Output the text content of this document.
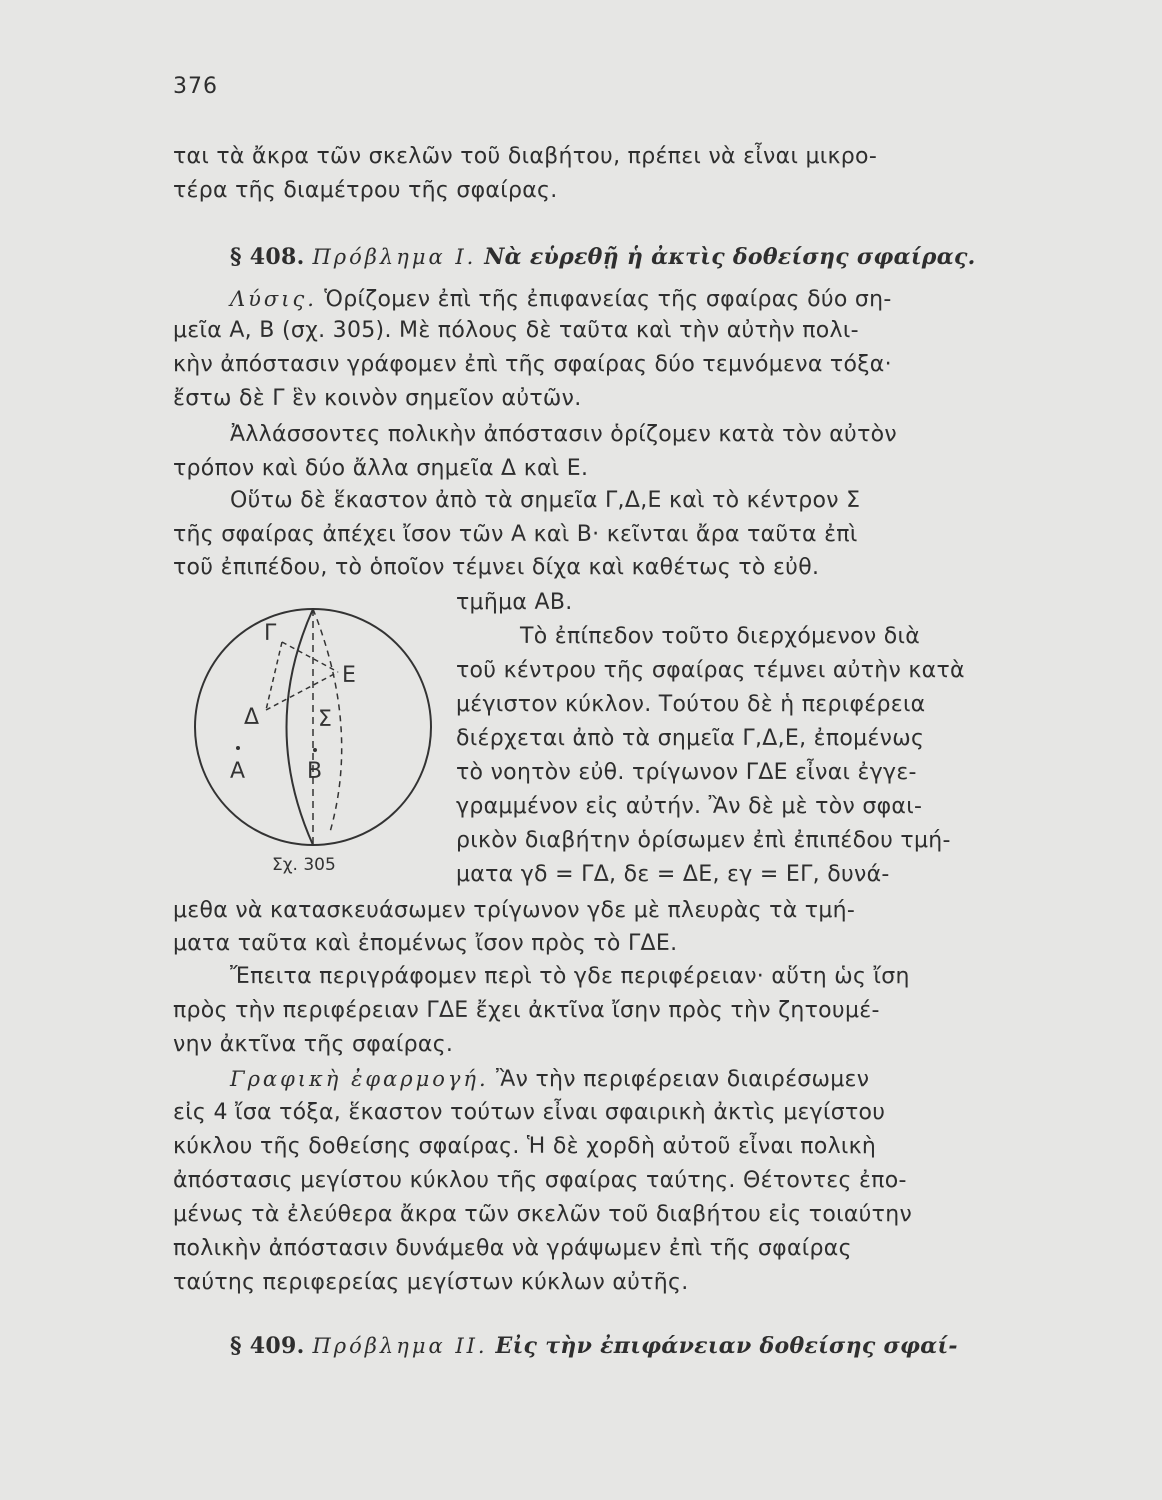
376
ται τὰ ἄκρα τῶν σκελῶν τοῦ διαβήτου, πρέπει νὰ εἶναι μικρο-
τέρα τῆς διαμέτρου τῆς σφαίρας.
§ 408. Πρόβλημα Ι. Νὰ εὑρεθῇ ἡ ἀκτὶς δοθείσης σφαίρας.
Λύσις. Ὁρίζομεν ἐπὶ τῆς ἐπιφανείας τῆς σφαίρας δύο ση-
μεῖα Α, Β (σχ. 305). Μὲ πόλους δὲ ταῦτα καὶ τὴν αὐτὴν πολι-
κὴν ἀπόστασιν γράφομεν ἐπὶ τῆς σφαίρας δύο τεμνόμενα τόξα·
ἔστω δὲ Γ ἓν κοινὸν σημεῖον αὐτῶν.
Ἀλλάσσοντες πολικὴν ἀπόστασιν ὁρίζομεν κατὰ τὸν αὐτὸν
τρόπον καὶ δύο ἄλλα σημεῖα Δ καὶ Ε.
Οὕτω δὲ ἕκαστον ἀπὸ τὰ σημεῖα Γ,Δ,Ε καὶ τὸ κέντρον Σ
τῆς σφαίρας ἀπέχει ἴσον τῶν Α καὶ Β· κεῖνται ἄρα ταῦτα ἐπὶ
τοῦ ἐπιπέδου, τὸ ὁποῖον τέμνει δίχα καὶ καθέτως τὸ εὐθ.
τμῆμα ΑΒ.
Τὸ ἐπίπεδον τοῦτο διερχόμενον διὰ
τοῦ κέντρου τῆς σφαίρας τέμνει αὐτὴν κατὰ
μέγιστον κύκλον. Τούτου δὲ ἡ περιφέρεια
διέρχεται ἀπὸ τὰ σημεῖα Γ,Δ,Ε, ἐπομένως
τὸ νοητὸν εὐθ. τρίγωνον ΓΔΕ εἶναι ἐγγε-
γραμμένον εἰς αὐτήν. Ἂν δὲ μὲ τὸν σφαι-
ρικὸν διαβήτην ὁρίσωμεν ἐπὶ ἐπιπέδου τμή-
ματα γδ = ΓΔ, δε = ΔΕ, εγ = ΕΓ, δυνά-
μεθα νὰ κατασκευάσωμεν τρίγωνον γδε μὲ πλευρὰς τὰ τμή-
ματα ταῦτα καὶ ἐπομένως ἴσον πρὸς τὸ ΓΔΕ.
Ἔπειτα περιγράφομεν περὶ τὸ γδε περιφέρειαν· αὕτη ὡς ἴση
πρὸς τὴν περιφέρειαν ΓΔΕ ἔχει ἀκτῖνα ἴσην πρὸς τὴν ζητουμέ-
νην ἀκτῖνα τῆς σφαίρας.
Γραφικὴ ἐφαρμογή. Ἂν τὴν περιφέρειαν διαιρέσωμεν
εἰς 4 ἴσα τόξα, ἕκαστον τούτων εἶναι σφαιρικὴ ἀκτὶς μεγίστου
κύκλου τῆς δοθείσης σφαίρας. Ἡ δὲ χορδὴ αὐτοῦ εἶναι πολικὴ
ἀπόστασις μεγίστου κύκλου τῆς σφαίρας ταύτης. Θέτοντες ἐπο-
μένως τὰ ἐλεύθερα ἄκρα τῶν σκελῶν τοῦ διαβήτου εἰς τοιαύτην
πολικὴν ἀπόστασιν δυνάμεθα νὰ γράψωμεν ἐπὶ τῆς σφαίρας
ταύτης περιφερείας μεγίστων κύκλων αὐτῆς.
§ 409. Πρόβλημα ΙΙ. Εἰς τὴν ἐπιφάνειαν δοθείσης σφαί-
Γ
Ε
Δ	Σ
Α	Β
Σχ. 305
